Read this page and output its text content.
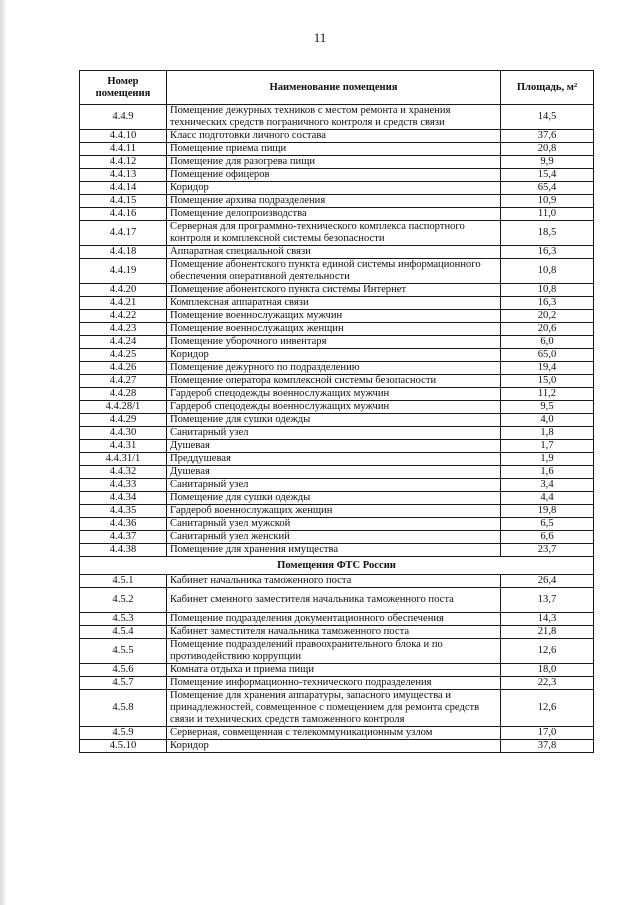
11
Номер помещения	Наименование помещения	Площадь, м²
4.4.9	Помещение дежурных техников с местом ремонта и хранения технических средств пограничного контроля и средств связи	14,5
4.4.10	Класс подготовки личного состава	37,6
4.4.11	Помещение приема пищи	20,8
4.4.12	Помещение для разогрева пищи	9,9
4.4.13	Помещение офицеров	15,4
4.4.14	Коридор	65,4
4.4.15	Помещение архива подразделения	10,9
4.4.16	Помещение делопроизводства	11,0
4.4.17	Серверная для программно-технического комплекса паспортного контроля и комплексной системы безопасности	18,5
4.4.18	Аппаратная специальной связи	16,3
4.4.19	Помещение абонентского пункта единой системы информационного обеспечения оперативной деятельности	10,8
4.4.20	Помещение абонентского пункта системы Интернет	10,8
4.4.21	Комплексная аппаратная связи	16,3
4.4.22	Помещение военнослужащих мужчин	20,2
4.4.23	Помещение военнослужащих женщин	20,6
4.4.24	Помещение уборочного инвентаря	6,0
4.4.25	Коридор	65,0
4.4.26	Помещение дежурного по подразделению	19,4
4.4.27	Помещение оператора комплексной системы безопасности	15,0
4.4.28	Гардероб спецодежды военнослужащих мужчин	11,2
4.4.28/1	Гардероб спецодежды военнослужащих мужчин	9,5
4.4.29	Помещение для сушки одежды	4,0
4.4.30	Санитарный узел	1,8
4.4.31	Душевая	1,7
4.4.31/1	Преддушевая	1,9
4.4.32	Душевая	1,6
4.4.33	Санитарный узел	3,4
4.4.34	Помещение для сушки одежды	4,4
4.4.35	Гардероб военнослужащих женщин	19,8
4.4.36	Санитарный узел мужской	6,5
4.4.37	Санитарный узел женский	6,6
4.4.38	Помещение для хранения имущества	23,7
Помещения ФТС России		
4.5.1	Кабинет начальника таможенного поста	26,4
4.5.2	Кабинет сменного заместителя начальника таможенного поста	13,7
4.5.3	Помещение подразделения документационного обеспечения	14,3
4.5.4	Кабинет заместителя начальника таможенного поста	21,8
4.5.5	Помещение подразделений правоохранительного блока и по противодействию коррупции	12,6
4.5.6	Комната отдыха и приема пищи	18,0
4.5.7	Помещение информационно-технического подразделения	22,3
4.5.8	Помещение для хранения аппаратуры, запасного имущества и принадлежностей, совмещенное с помещением для ремонта средств связи и технических средств таможенного контроля	12,6
4.5.9	Серверная, совмещенная с телекоммуникационным узлом	17,0
4.5.10	Коридор	37,8
